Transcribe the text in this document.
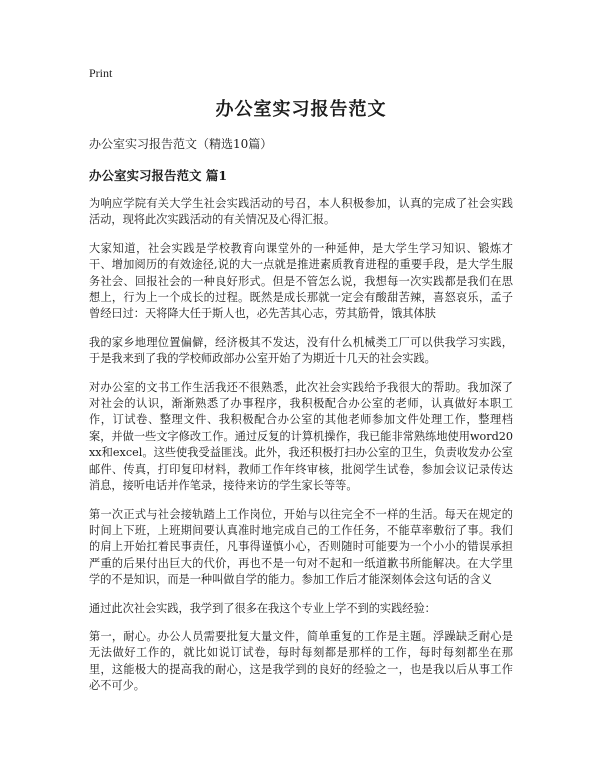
Print
办公室实习报告范文
办公室实习报告范文（精选10篇）
办公室实习报告范文 篇1

为响应学院有关大学生社会实践活动的号召，本人积极参加，认真的完成了社会实践活动，现将此次实践活动的有关情况及心得汇报。

大家知道，社会实践是学校教育向课堂外的一种延伸，是大学生学习知识、锻炼才干、增加阅历的有效途径,说的大一点就是推进素质教育进程的重要手段，是大学生服务社会、回报社会的一种良好形式。但是不管怎么说，我想每一次实践都是我们在思想上，行为上一个成长的过程。既然是成长那就一定会有酸甜苦辣，喜怒哀乐，孟子曾经曰过：天将降大任于斯人也，必先苦其心志，劳其筋骨，饿其体肤

我的家乡地理位置偏僻，经济极其不发达，没有什么机械类工厂可以供我学习实践，于是我来到了我的学校师政部办公室开始了为期近十几天的社会实践。

对办公室的文书工作生活我还不很熟悉，此次社会实践给予我很大的帮助。我加深了对社会的认识，渐渐熟悉了办事程序，我积极配合办公室的老师，认真做好本职工作，订试卷、整理文件、我积极配合办公室的其他老师参加文件处理工作，整理档案，并做一些文字修改工作。通过反复的计算机操作，我已能非常熟练地使用word20xx和excel。这些使我受益匪浅。此外，我还积极打扫办公室的卫生，负责收发办公室邮件、传真，打印复印材料，教师工作年终审核，批阅学生试卷，参加会议记录传达消息，接听电话并作笔录，接待来访的学生家长等等。

第一次正式与社会接轨踏上工作岗位，开始与以往完全不一样的生活。每天在规定的时间上下班，上班期间要认真准时地完成自己的工作任务，不能草率敷衍了事。我们的肩上开始扛着民事责任，凡事得谨慎小心，否则随时可能要为一个小小的错误承担严重的后果付出巨大的代价，再也不是一句对不起和一纸道歉书所能解决。在大学里学的不是知识，而是一种叫做自学的能力。参加工作后才能深刻体会这句话的含义

通过此次社会实践，我学到了很多在我这个专业上学不到的实践经验：

第一，耐心。办公人员需要批复大量文件，简单重复的工作是主题。浮躁缺乏耐心是无法做好工作的，就比如说订试卷，每时每刻都是那样的工作，每时每刻都坐在那里，这能极大的提高我的耐心，这是我学到的良好的经验之一，也是我以后从事工作必不可少。
